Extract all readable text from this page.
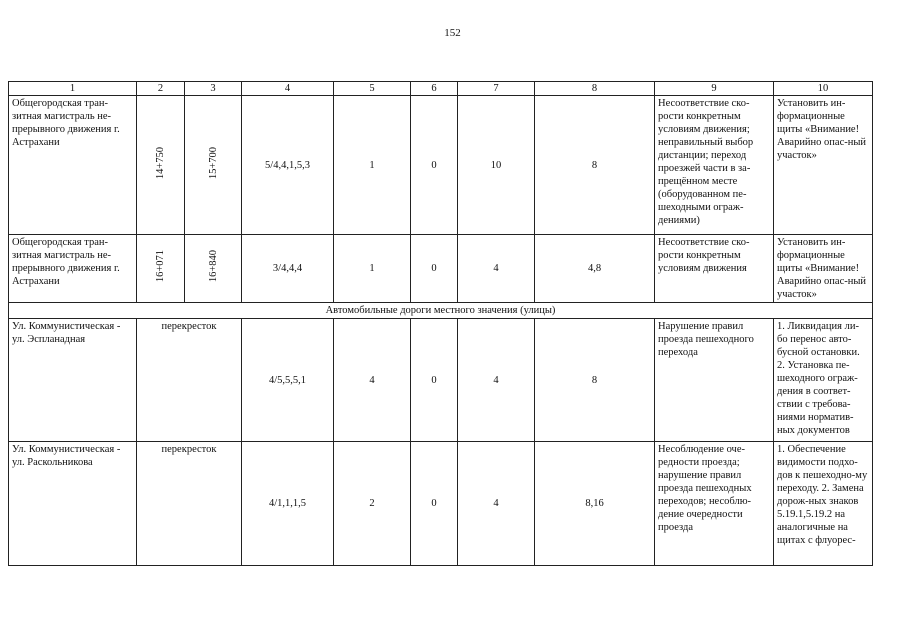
152
1	2	3	4	5	6	7	8	9	10
Общегородская тран-зитная магистраль не-прерывного движения г. Астрахани	14+750	15+700	5/4,4,1,5,3	1	0	10	8	Несоответствие ско-рости конкретным условиям движения; неправильный выбор дистанции; переход проезжей части в за-прещённом месте (оборудованном пе-шеходными ограж-дениями)	Установить ин-формационные щиты «Внимание! Аварийно опас-ный участок»
Общегородская тран-зитная магистраль не-прерывного движения г. Астрахани	16+071	16+840	3/4,4,4	1	0	4	4,8	Несоответствие ско-рости конкретным условиям движения	Установить ин-формационные щиты «Внимание! Аварийно опас-ный участок»
Автомобильные дороги местного значения (улицы)									
Ул. Коммунистическая - ул. Эспланадная	перекресток		4/5,5,5,1	4	0	4	8	Нарушение правил проезда пешеходного перехода	1. Ликвидация ли-бо перенос авто-бусной остановки. 2. Установка пе-шеходного ограж-дения в соответ-ствии с требова-ниями норматив-ных документов
Ул. Коммунистическая - ул. Раскольникова	перекресток		4/1,1,1,5	2	0	4	8,16	Несоблюдение оче-редности проезда; нарушение правил проезда пешеходных переходов; несоблю-дение очередности проезда	1. Обеспечение видимости подхо-дов к пешеходно-му переходу. 2. Замена дорож-ных знаков 5.19.1,5.19.2 на аналогичные на щитах с флуорес-
